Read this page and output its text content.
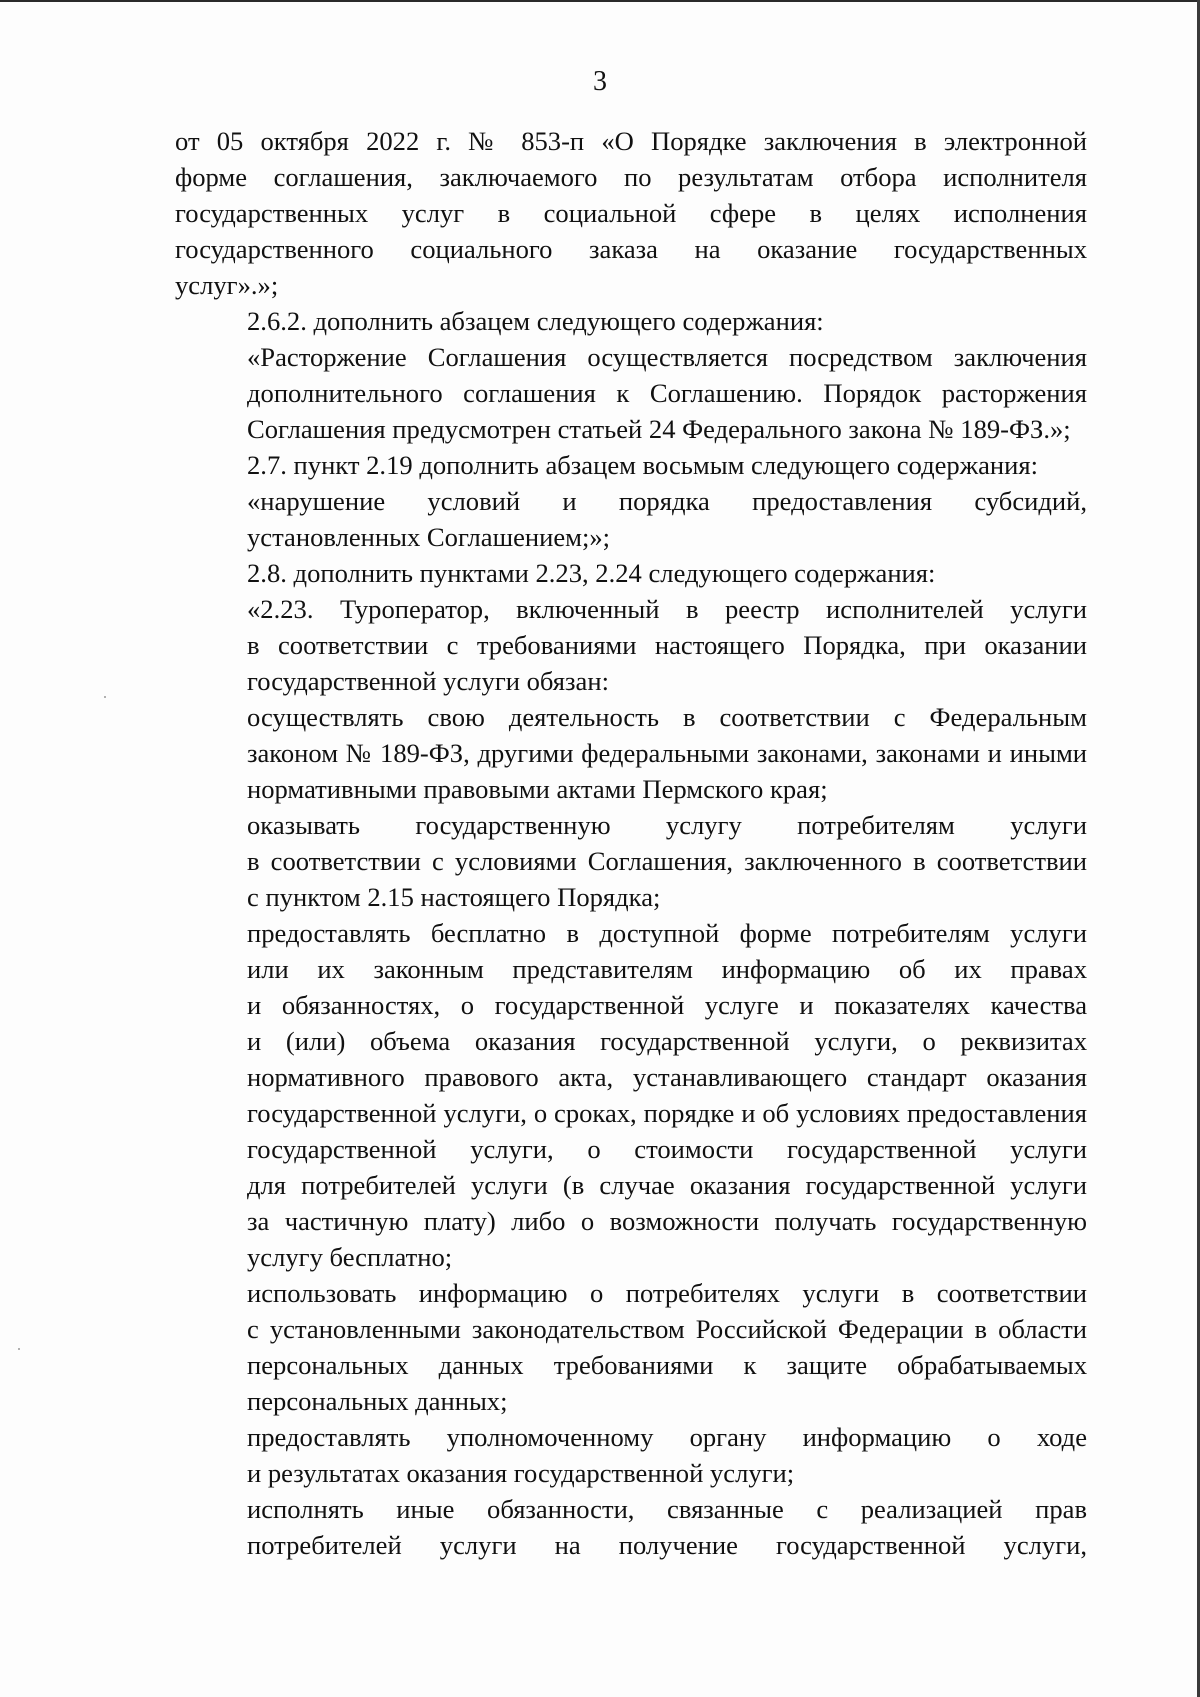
3
от 05 октября 2022 г. № 853-п «О Порядке заключения в электронной
форме соглашения, заключаемого по результатам отбора исполнителя
государственных услуг в социальной сфере в целях исполнения
государственного социального заказа на оказание государственных
услуг».»;
2.6.2. дополнить абзацем следующего содержания:
«Расторжение Соглашения осуществляется посредством заключения
дополнительного соглашения к Соглашению. Порядок расторжения
Соглашения предусмотрен статьей 24 Федерального закона № 189-ФЗ.»;
2.7. пункт 2.19 дополнить абзацем восьмым следующего содержания:
«нарушение условий и порядка предоставления субсидий,
установленных Соглашением;»;
2.8. дополнить пунктами 2.23, 2.24 следующего содержания:
«2.23. Туроператор, включенный в реестр исполнителей услуги
в соответствии с требованиями настоящего Порядка, при оказании
государственной услуги обязан:
осуществлять свою деятельность в соответствии с Федеральным
законом № 189-ФЗ, другими федеральными законами, законами и иными
нормативными правовыми актами Пермского края;
оказывать государственную услугу потребителям услуги
в соответствии с условиями Соглашения, заключенного в соответствии
с пунктом 2.15 настоящего Порядка;
предоставлять бесплатно в доступной форме потребителям услуги
или их законным представителям информацию об их правах
и обязанностях, о государственной услуге и показателях качества
и (или) объема оказания государственной услуги, о реквизитах
нормативного правового акта, устанавливающего стандарт оказания
государственной услуги, о сроках, порядке и об условиях предоставления
государственной услуги, о стоимости государственной услуги
для потребителей услуги (в случае оказания государственной услуги
за частичную плату) либо о возможности получать государственную
услугу бесплатно;
использовать информацию о потребителях услуги в соответствии
с установленными законодательством Российской Федерации в области
персональных данных требованиями к защите обрабатываемых
персональных данных;
предоставлять уполномоченному органу информацию о ходе
и результатах оказания государственной услуги;
исполнять иные обязанности, связанные с реализацией прав
потребителей услуги на получение государственной услуги,
